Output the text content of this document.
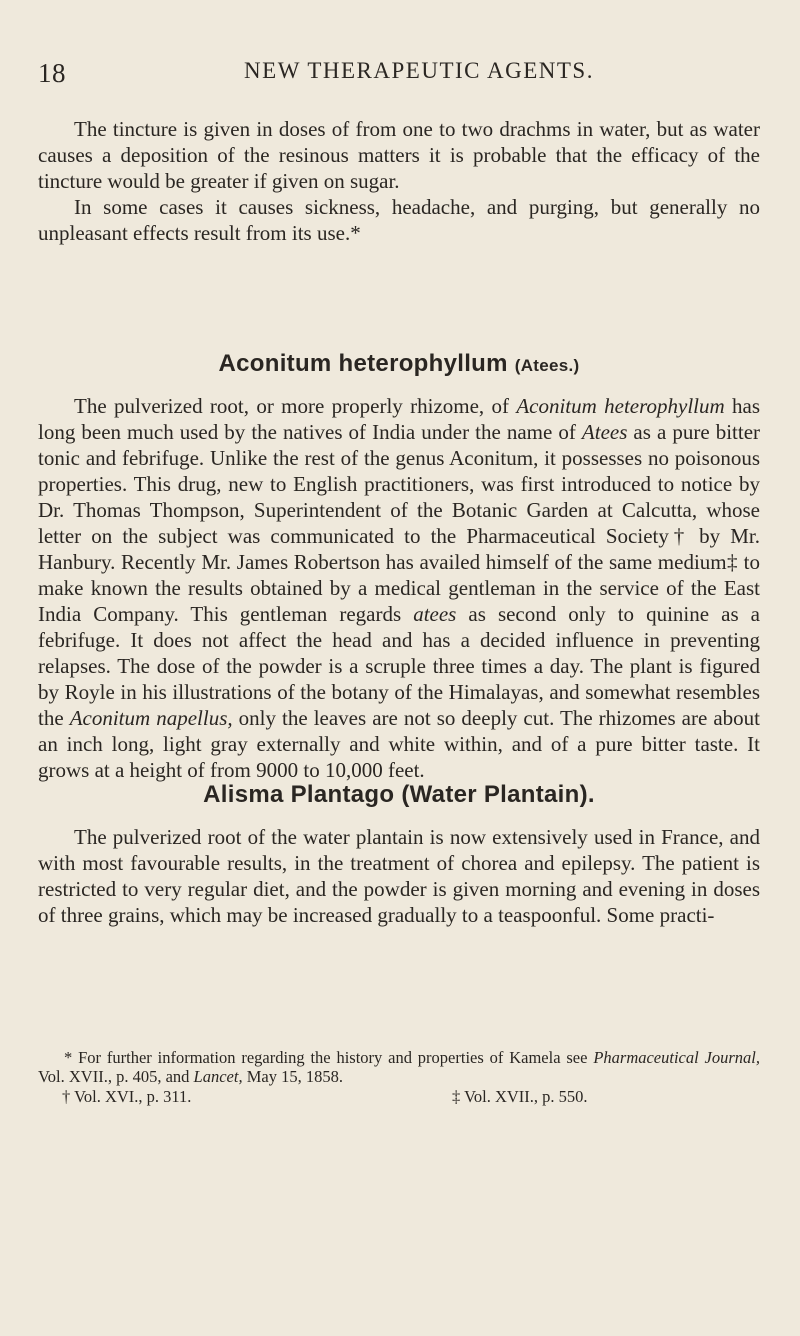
18	NEW THERAPEUTIC AGENTS.

The tincture is given in doses of from one to two drachms in water, but as water causes a deposition of the resinous matters it is probable that the efficacy of the tincture would be greater if given on sugar.

In some cases it causes sickness, headache, and purging, but generally no unpleasant effects result from its use.*

Aconitum heterophyllum (Atees.)

The pulverized root, or more properly rhizome, of Aconitum heterophyllum has long been much used by the natives of India under the name of Atees as a pure bitter tonic and febrifuge. Unlike the rest of the genus Aconitum, it possesses no poisonous properties. This drug, new to English practitioners, was first introduced to notice by Dr. Thomas Thompson, Superintendent of the Botanic Garden at Calcutta, whose letter on the subject was communicated to the Pharmaceutical Society† by Mr. Hanbury. Recently Mr. James Robertson has availed himself of the same medium‡ to make known the results obtained by a medical gentleman in the service of the East India Company. This gentleman regards atees as second only to quinine as a febrifuge. It does not affect the head and has a decided influence in preventing relapses. The dose of the powder is a scruple three times a day. The plant is figured by Royle in his illustrations of the botany of the Himalayas, and somewhat resembles the Aconitum napellus, only the leaves are not so deeply cut. The rhizomes are about an inch long, light gray externally and white within, and of a pure bitter taste. It grows at a height of from 9000 to 10,000 feet.

Alisma Plantago (Water Plantain).

The pulverized root of the water plantain is now extensively used in France, and with most favourable results, in the treatment of chorea and epilepsy. The patient is restricted to very regular diet, and the powder is given morning and evening in doses of three grains, which may be increased gradually to a teaspoonful. Some practi-

* For further information regarding the history and properties of Kamela see Pharmaceutical Journal, Vol. XVII., p. 405, and Lancet, May 15, 1858.

† Vol. XVI., p. 311.	‡ Vol. XVII., p. 550.
